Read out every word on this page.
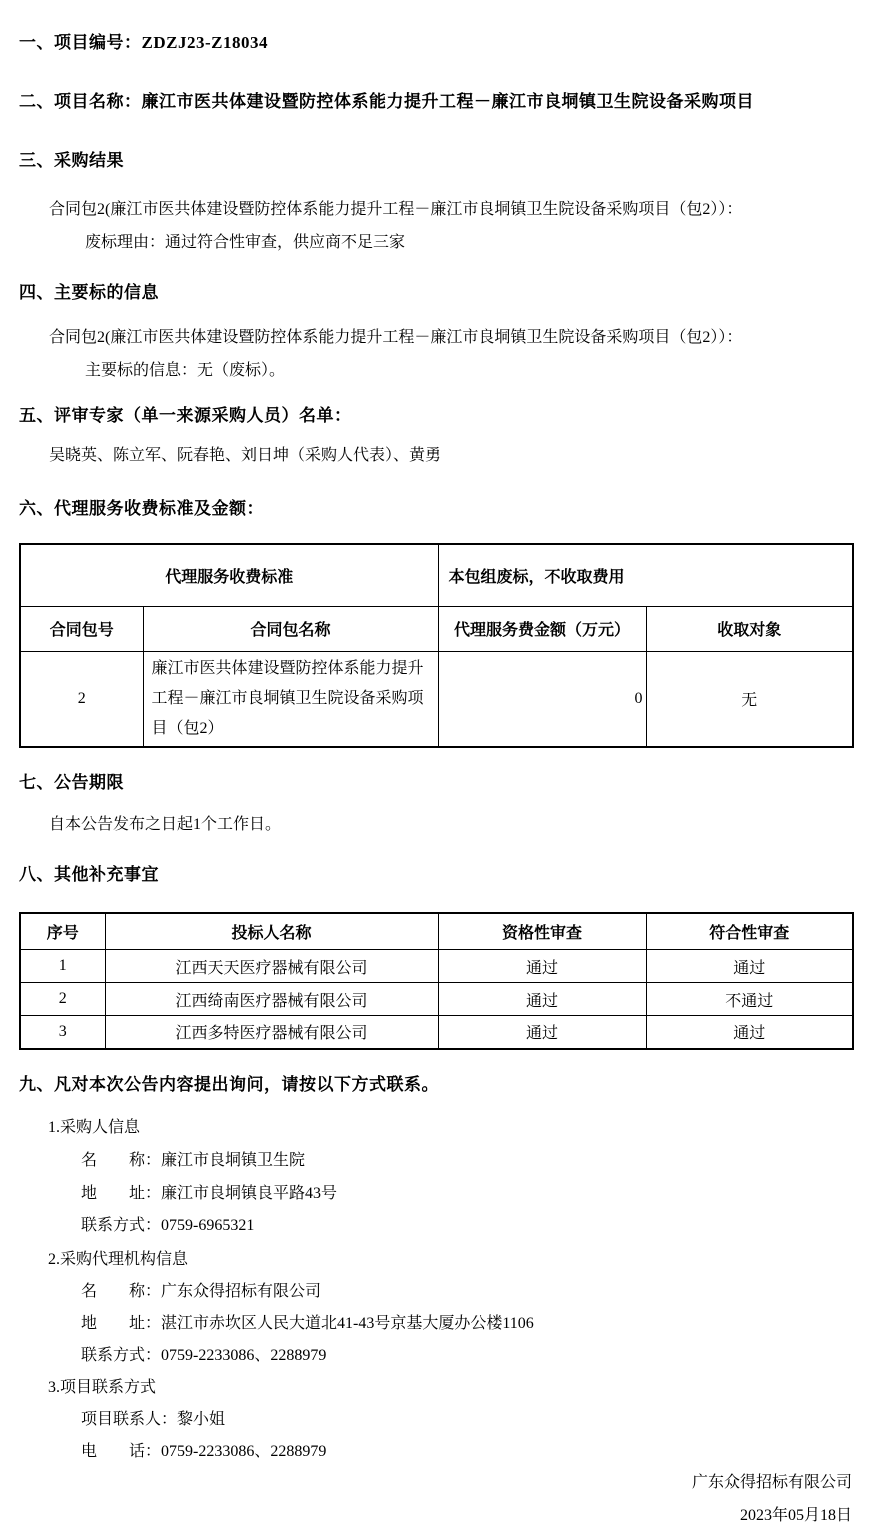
一、项目编号：ZDZJ23-Z18034
二、项目名称：廉江市医共体建设暨防控体系能力提升工程－廉江市良垌镇卫生院设备采购项目
三、采购结果
合同包2(廉江市医共体建设暨防控体系能力提升工程－廉江市良垌镇卫生院设备采购项目（包2））：
废标理由：通过符合性审查，供应商不足三家
四、主要标的信息
合同包2(廉江市医共体建设暨防控体系能力提升工程－廉江市良垌镇卫生院设备采购项目（包2））：
主要标的信息：无（废标）。
五、评审专家（单一来源采购人员）名单：
吴晓英、陈立军、阮春艳、刘日坤（采购人代表）、黄勇
六、代理服务收费标准及金额：
代理服务收费标准		本包组废标，不收取费用	
合同包号	合同包名称	代理服务费金额（万元）	收取对象
2	廉江市医共体建设暨防控体系能力提升工程－廉江市良垌镇卫生院设备采购项目（包2）	0	无
七、公告期限
自本公告发布之日起1个工作日。
八、其他补充事宜
序号	投标人名称	资格性审查	符合性审查
1	江西天天医疗器械有限公司	通过	通过
2	江西绮南医疗器械有限公司	通过	不通过
3	江西多特医疗器械有限公司	通过	通过
九、凡对本次公告内容提出询问，请按以下方式联系。
1.采购人信息
名　　称：廉江市良垌镇卫生院
地　　址：廉江市良垌镇良平路43号
联系方式：0759-6965321
2.采购代理机构信息
名　　称：广东众得招标有限公司
地　　址：湛江市赤坎区人民大道北41-43号京基大厦办公楼1106
联系方式：0759-2233086、2288979
3.项目联系方式
项目联系人：黎小姐
电　　话：0759-2233086、2288979
广东众得招标有限公司
2023年05月18日
